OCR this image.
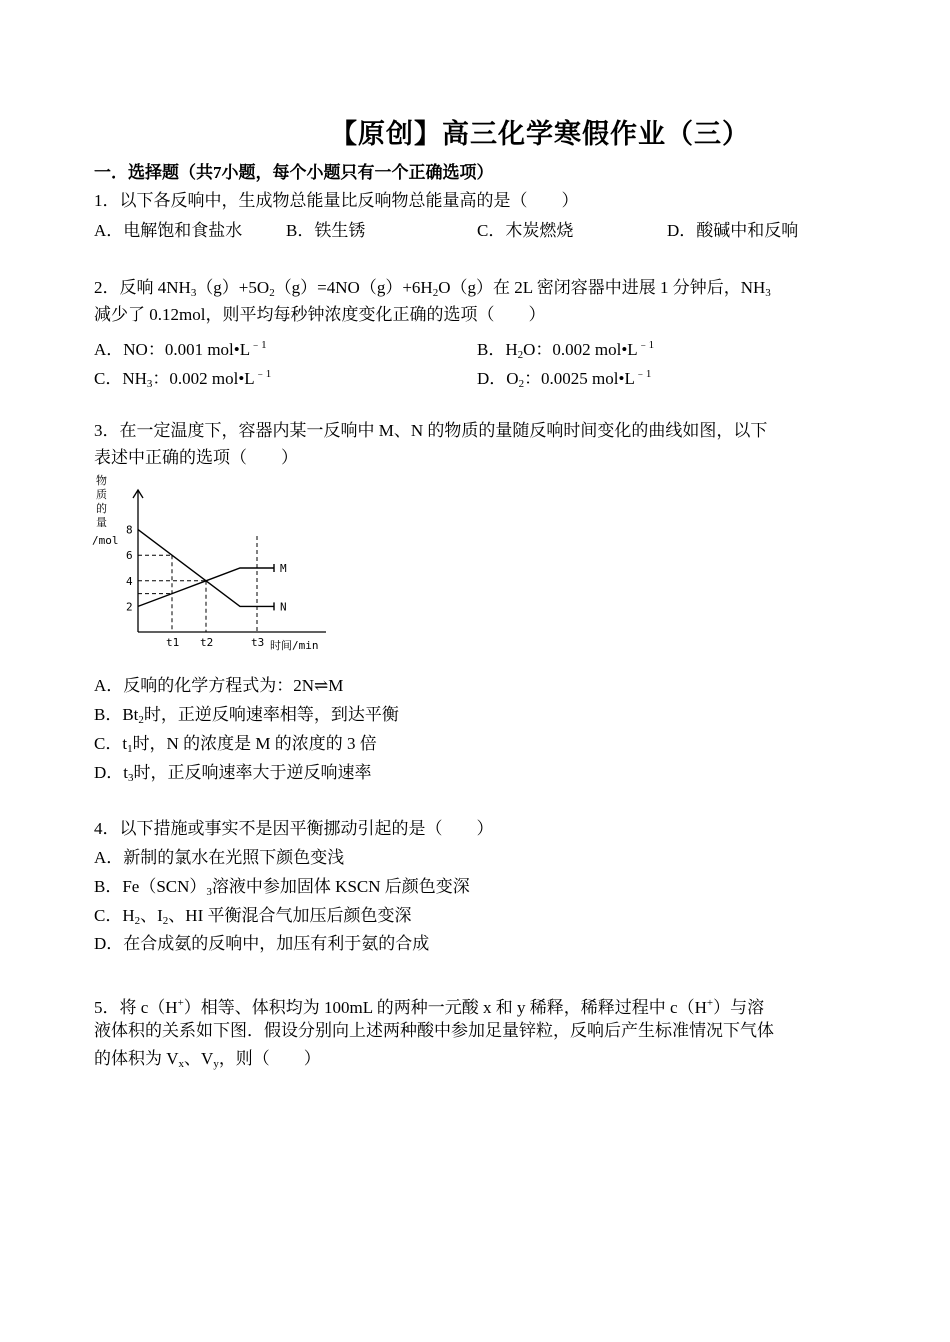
【原创】高三化学寒假作业（三）
一．选择题（共7小题，每个小题只有一个正确选项）
1．以下各反响中，生成物总能量比反响物总能量高的是（　　）
A．电解饱和食盐水	B．铁生锈	C．木炭燃烧	D．酸碱中和反响
2．反响 $4NH_3(g)+5O_2(g)=4NO(g)+6H_2O(g)$在 2L 密闭容器中进展 1 分钟后，$NH_3$
减少了 0.12mol，则平均每秒钟浓度变化正确的选项（　　）
A．NO：0.001 $mol•L^{﹣1}$	B．$H_2O$：0.002 $mol•L^{﹣1}$
C．$NH_3$：0.002 $mol•L^{﹣1}$	D．$O_2$：0.0025 $mol•L^{﹣1}$
3．在一定温度下，容器内某一反响中 M、N 的物质的量随反响时间变化的曲线如图，以下
表述中正确的选项（　　）
物
质
的
量
/mol
8
6
4
2
t1 t2	t3
M
N
时间/min
A．反响的化学方程式为：2N⇌M
B．$Bt_2$时，正逆反响速率相等，到达平衡
C．$t_1$时，N 的浓度是 M 的浓度的 3 倍
D．$t_3$时，正反响速率大于逆反响速率
4．以下措施或事实不是因平衡挪动引起的是（　　）
A．新制的氯水在光照下颜色变浅
B．$Fe(SCN)_3$溶液中参加固体 KSCN 后颜色变深
C．$H_2$、$I_2$、HI 平衡混合气加压后颜色变深
D．在合成氨的反响中，加压有利于氨的合成
5．将 c（H+）相等、体积均为 100mL 的两种一元酸 x 和 y 稀释，稀释过程中 c（H+）与溶
液体积的关系如下图．假设分别向上述两种酸中参加足量锌粒，反响后产生标准情况下气体
的体积为 $V_x$、$V_y$，则（　　）
